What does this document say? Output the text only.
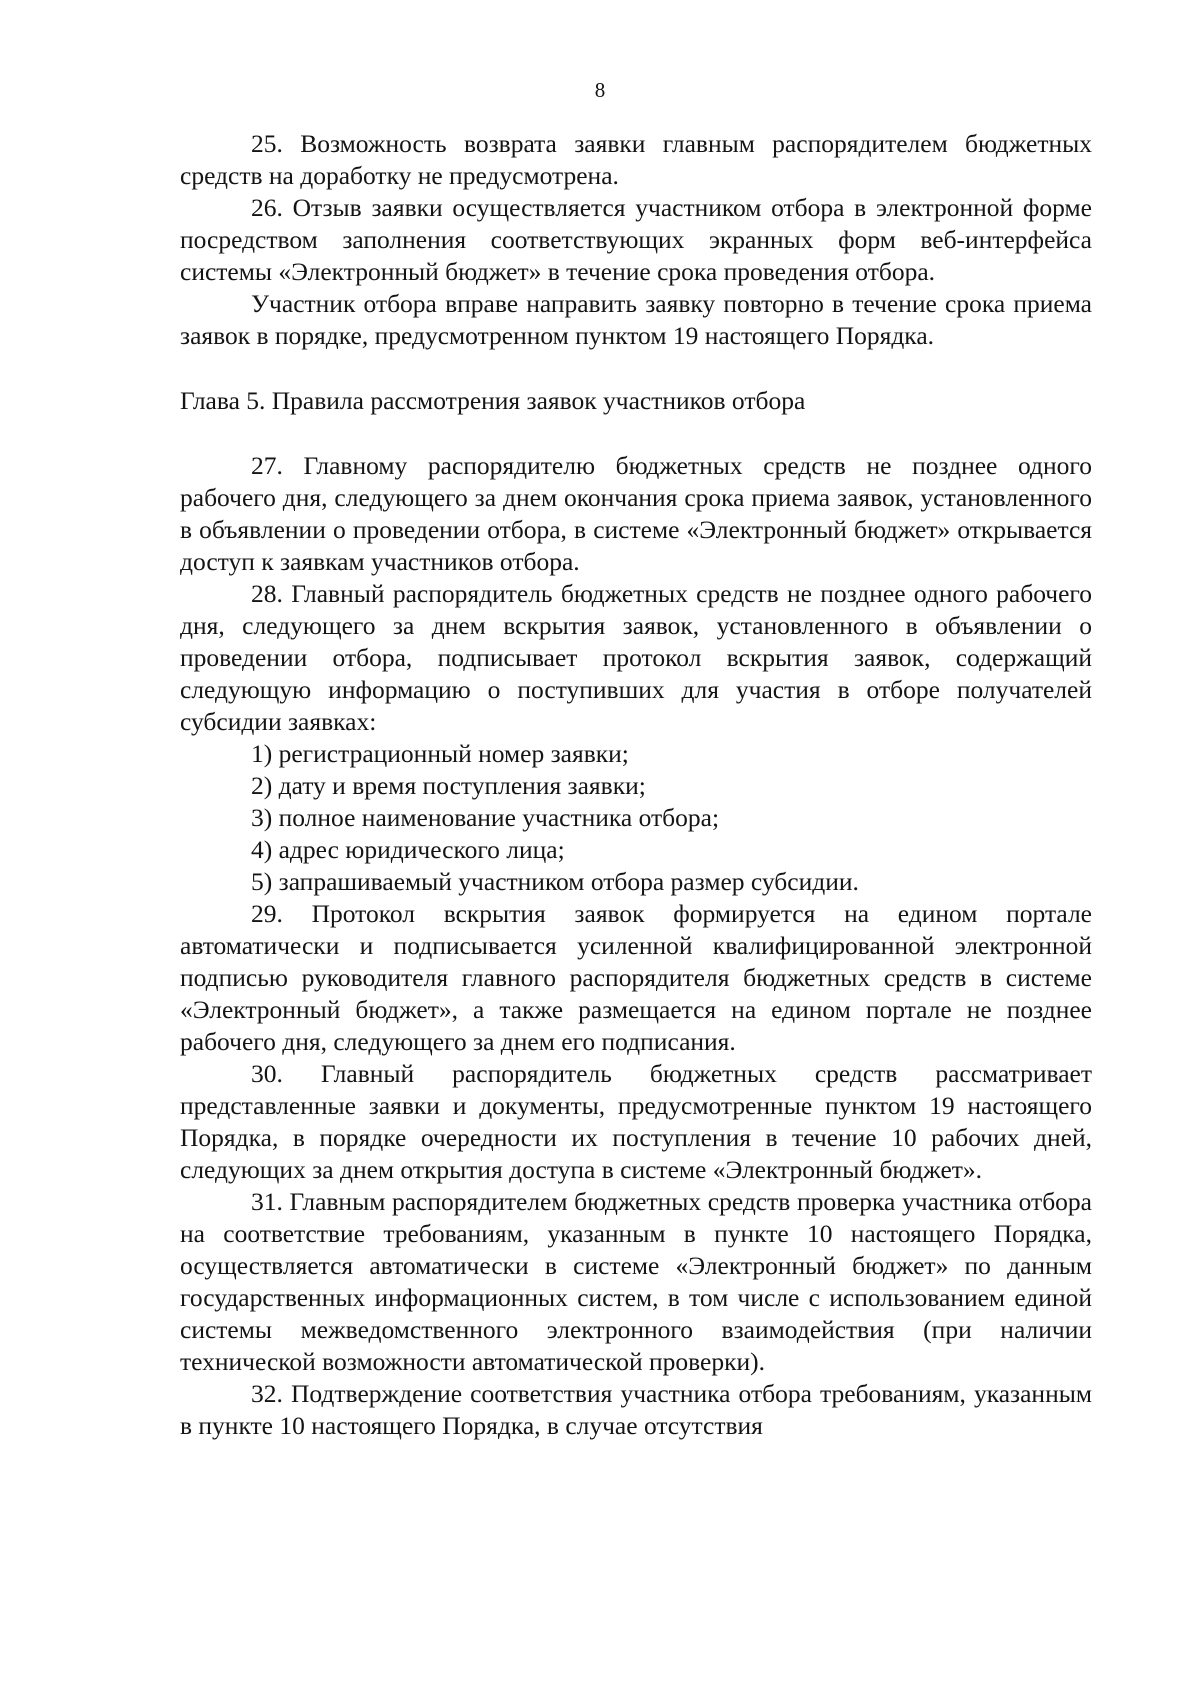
8

25. Возможность возврата заявки главным распорядителем бюджетных средств на доработку не предусмотрена.

26. Отзыв заявки осуществляется участником отбора в электронной форме посредством заполнения соответствующих экранных форм веб-интерфейса системы «Электронный бюджет» в течение срока проведения отбора.

Участник отбора вправе направить заявку повторно в течение срока приема заявок в порядке, предусмотренном пунктом 19 настоящего Порядка.

Глава 5. Правила рассмотрения заявок участников отбора

27. Главному распорядителю бюджетных средств не позднее одного рабочего дня, следующего за днем окончания срока приема заявок, установленного в объявлении о проведении отбора, в системе «Электронный бюджет» открывается доступ к заявкам участников отбора.

28. Главный распорядитель бюджетных средств не позднее одного рабочего дня, следующего за днем вскрытия заявок, установленного в объявлении о проведении отбора, подписывает протокол вскрытия заявок, содержащий следующую информацию о поступивших для участия в отборе получателей субсидии заявках:

1) регистрационный номер заявки;

2) дату и время поступления заявки;

3) полное наименование участника отбора;

4) адрес юридического лица;

5) запрашиваемый участником отбора размер субсидии.

29. Протокол вскрытия заявок формируется на едином портале автоматически и подписывается усиленной квалифицированной электронной подписью руководителя главного распорядителя бюджетных средств в системе «Электронный бюджет», а также размещается на едином портале не позднее рабочего дня, следующего за днем его подписания.

30. Главный распорядитель бюджетных средств рассматривает представленные заявки и документы, предусмотренные пунктом 19 настоящего Порядка, в порядке очередности их поступления в течение 10 рабочих дней, следующих за днем открытия доступа в системе «Электронный бюджет».

31. Главным распорядителем бюджетных средств проверка участника отбора на соответствие требованиям, указанным в пункте 10 настоящего Порядка, осуществляется автоматически в системе «Электронный бюджет» по данным государственных информационных систем, в том числе с использованием единой системы межведомственного электронного взаимодействия (при наличии технической возможности автоматической проверки).

32. Подтверждение соответствия участника отбора требованиям, указанным в пункте 10 настоящего Порядка, в случае отсутствия
